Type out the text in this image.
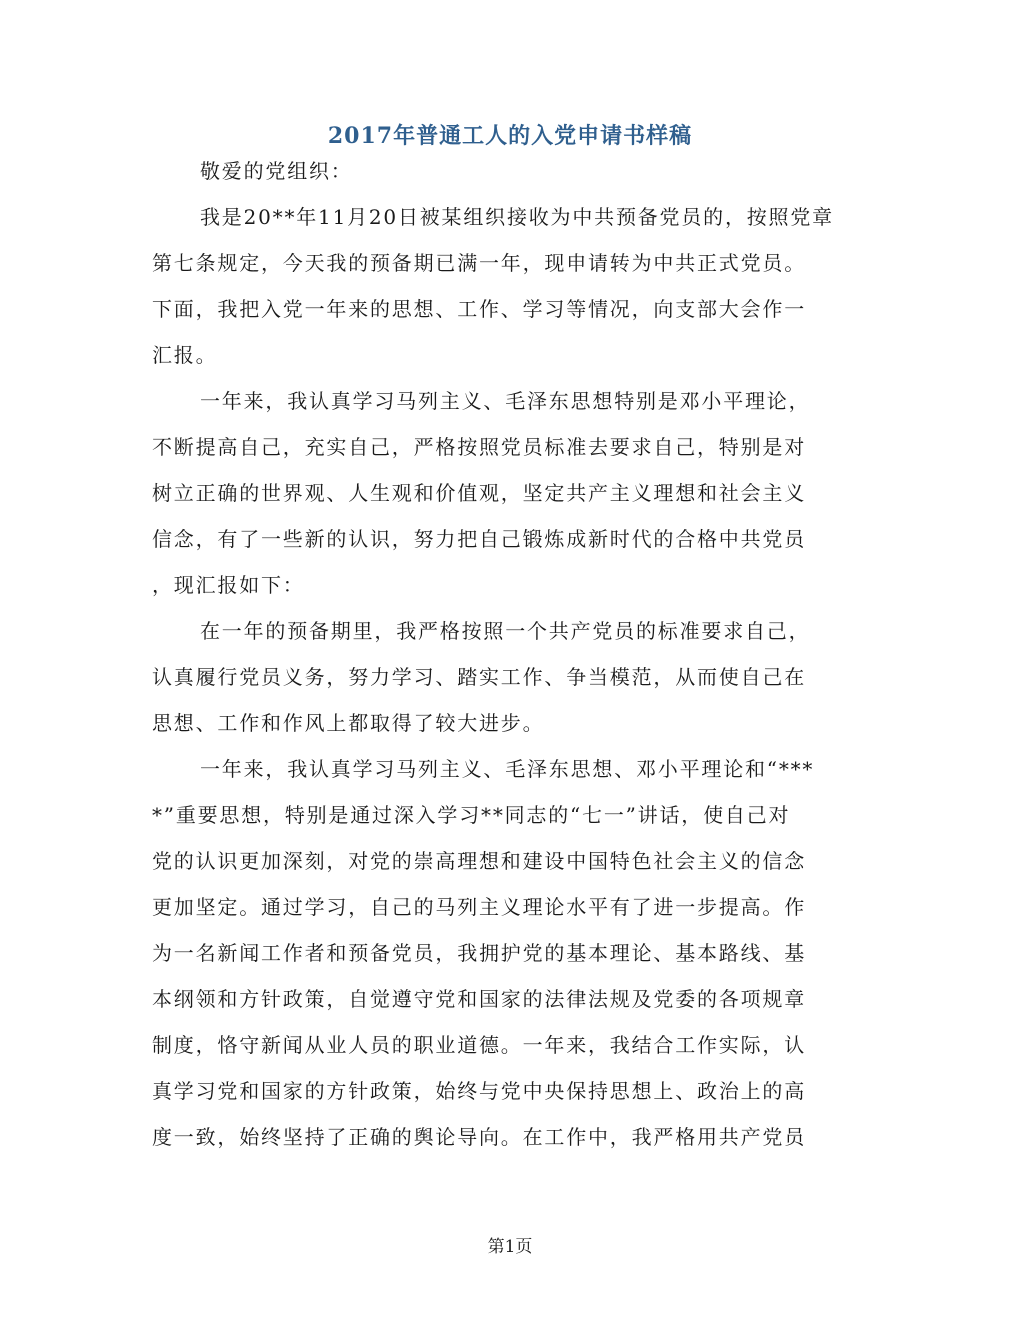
2017年普通工人的入党申请书样稿
敬爱的党组织：
我是20**年11月20日被某组织接收为中共预备党员的，按照党章
第七条规定，今天我的预备期已满一年，现申请转为中共正式党员。
下面，我把入党一年来的思想、工作、学习等情况，向支部大会作一
汇报。
一年来，我认真学习马列主义、毛泽东思想特别是邓小平理论，
不断提高自己，充实自己，严格按照党员标准去要求自己，特别是对
树立正确的世界观、人生观和价值观，坚定共产主义理想和社会主义
信念，有了一些新的认识，努力把自己锻炼成新时代的合格中共党员
，现汇报如下：
在一年的预备期里，我严格按照一个共产党员的标准要求自己，
认真履行党员义务，努力学习、踏实工作、争当模范，从而使自己在
思想、工作和作风上都取得了较大进步。
一年来，我认真学习马列主义、毛泽东思想、邓小平理论和“***
*”重要思想，特别是通过深入学习**同志的“七一”讲话，使自己对
党的认识更加深刻，对党的崇高理想和建设中国特色社会主义的信念
更加坚定。通过学习，自己的马列主义理论水平有了进一步提高。作
为一名新闻工作者和预备党员，我拥护党的基本理论、基本路线、基
本纲领和方针政策，自觉遵守党和国家的法律法规及党委的各项规章
制度，恪守新闻从业人员的职业道德。一年来，我结合工作实际，认
真学习党和国家的方针政策，始终与党中央保持思想上、政治上的高
度一致，始终坚持了正确的舆论导向。在工作中，我严格用共产党员
第1页
